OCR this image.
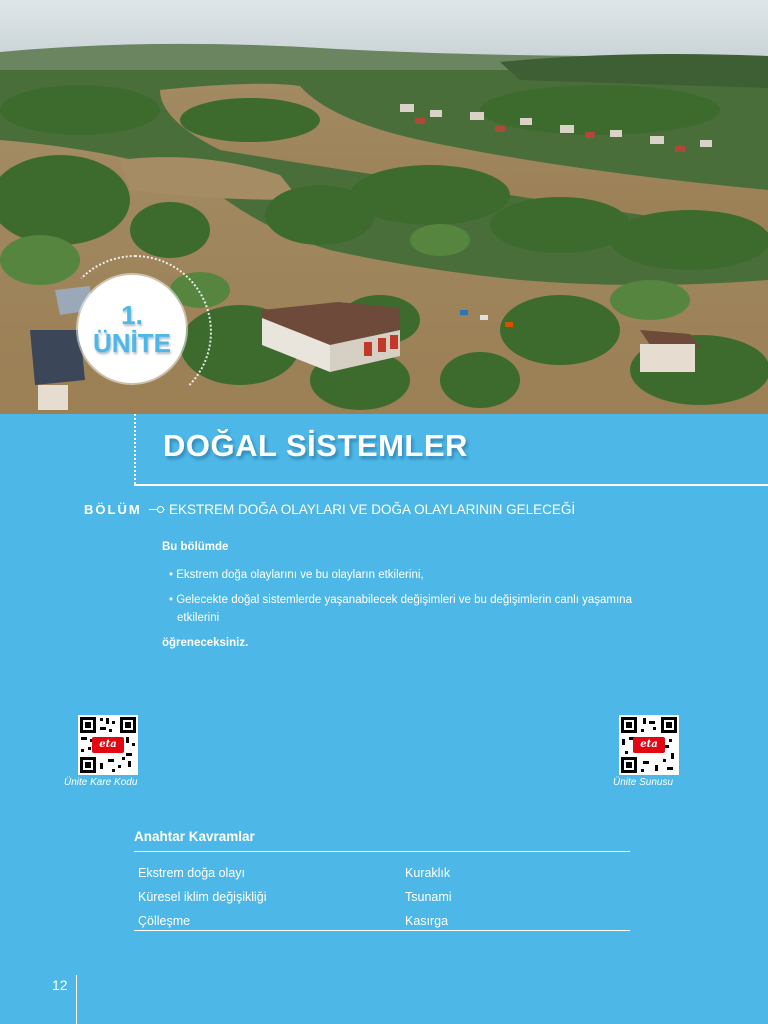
1.
ÜNİTE
DOĞAL SİSTEMLER
BÖLÜM EKSTREM DOĞA OLAYLARI VE DOĞA OLAYLARININ GELECEĞİ
Bu bölümde
• Ekstrem doğa olaylarını ve bu olayların etkilerini,
• Gelecekte doğal sistemlerde yaşanabilecek değişimleri ve bu değişimlerin canlı yaşamına etkilerini
öğreneceksiniz.
eta
Ünite Kare Kodu
eta
Ünite Sunusu
Anahtar Kavramlar
Ekstrem doğa olayı
Küresel iklim değişikliği
Çölleşme
Kuraklık
Tsunami
Kasırga
12
